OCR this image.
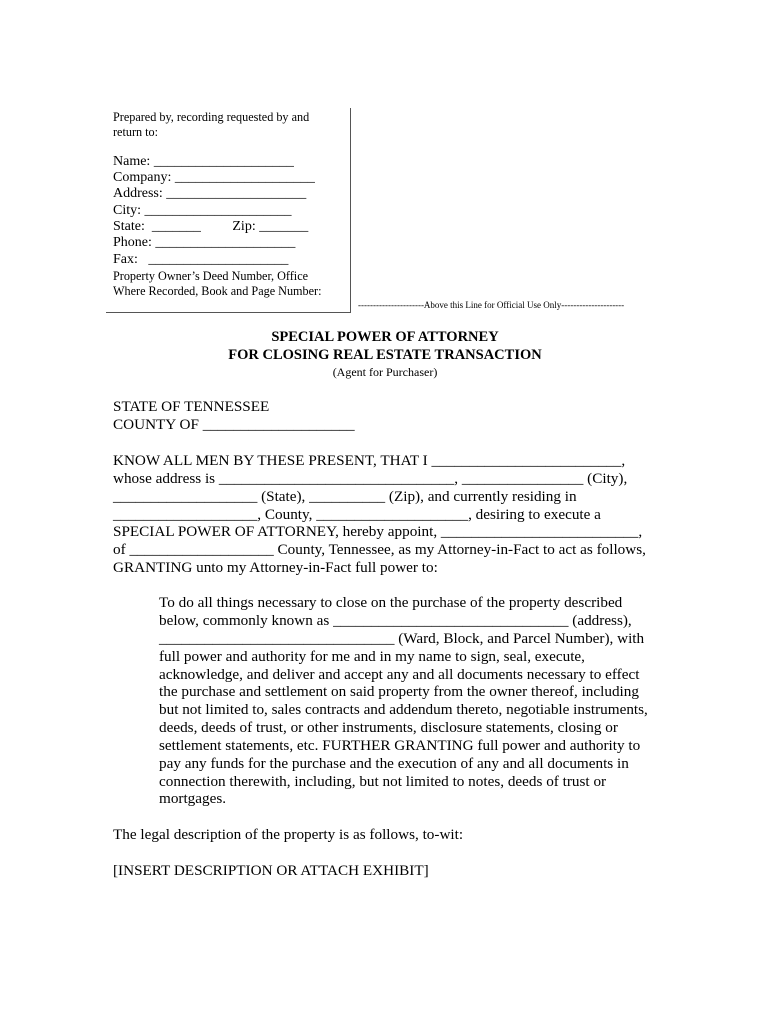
Prepared by, recording requested by and
return to:
Name: ____________________
Company: ____________________
Address: ____________________
City: _____________________
State:  _______         Zip: _______
Phone: ____________________
Fax:   ____________________
Property Owner’s Deed Number, Office
Where Recorded, Book and Page Number:
----------------------Above this Line for Official Use Only---------------------
SPECIAL POWER OF ATTORNEY
FOR CLOSING REAL ESTATE TRANSACTION
(Agent for Purchaser)
STATE OF TENNESSEE
COUNTY OF ____________________
KNOW ALL MEN BY THESE PRESENT, THAT I _________________________,
whose address is _______________________________, ________________ (City),
___________________ (State), __________ (Zip), and currently residing in
___________________, County, ____________________, desiring to execute a
SPECIAL POWER OF ATTORNEY, hereby appoint, __________________________,
of ___________________ County, Tennessee, as my Attorney-in-Fact to act as follows,
GRANTING unto my Attorney-in-Fact full power to:
To do all things necessary to close on the purchase of the property described
below, commonly known as _______________________________ (address),
_______________________________ (Ward, Block, and Parcel Number), with
full power and authority for me and in my name to sign, seal, execute,
acknowledge, and deliver and accept any and all documents necessary to effect
the purchase and settlement on said property from the owner thereof, including
but not limited to, sales contracts and addendum thereto, negotiable instruments,
deeds, deeds of trust, or other instruments, disclosure statements, closing or
settlement statements, etc. FURTHER GRANTING full power and authority to
pay any funds for the purchase and the execution of any and all documents in
connection therewith, including, but not limited to notes, deeds of trust or
mortgages.
The legal description of the property is as follows, to-wit:
[INSERT DESCRIPTION OR ATTACH EXHIBIT]
